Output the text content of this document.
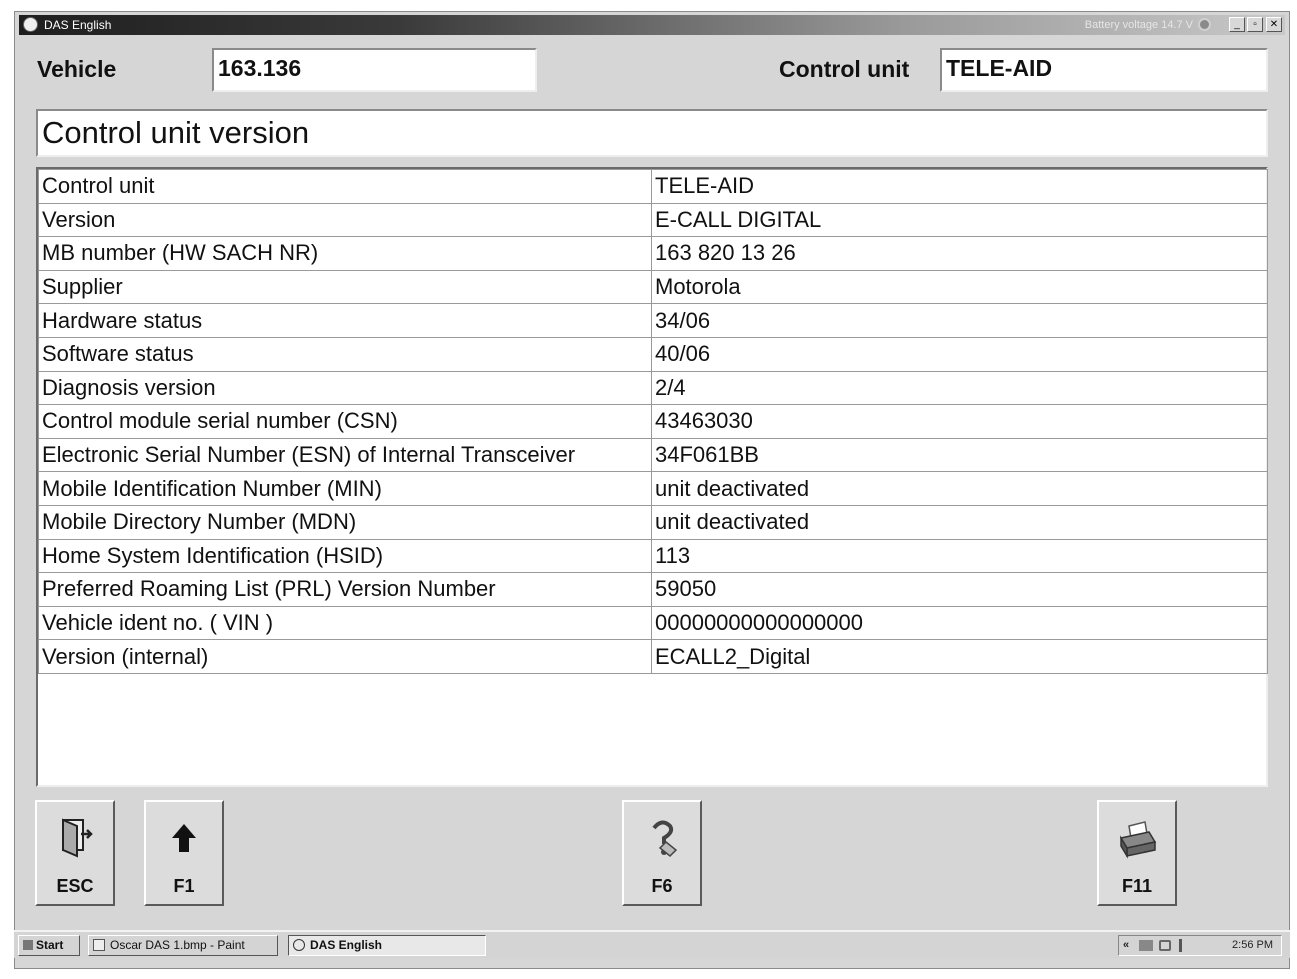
DAS English	Battery voltage 14.7 V	_	▫	✕
Vehicle	163.136	Control unit TELE-AID
Control unit version
Control unit	TELE-AID
Version	E-CALL DIGITAL
MB number (HW SACH NR)	163 820 13 26
Supplier	Motorola
Hardware status	34/06
Software status	40/06
Diagnosis version	2/4
Control module serial number (CSN)	43463030
Electronic Serial Number (ESN) of Internal Transceiver	34F061BB
Mobile Identification Number (MIN)	unit deactivated
Mobile Directory Number (MDN)	unit deactivated
Home System Identification (HSID)	113
Preferred Roaming List (PRL) Version Number	59050
Vehicle ident no. ( VIN )	00000000000000000
Version (internal)	ECALL2_Digital
ESC	F1	F6	F11
Start	Oscar DAS 1.bmp - Paint	DAS English	«	2:56 PM
